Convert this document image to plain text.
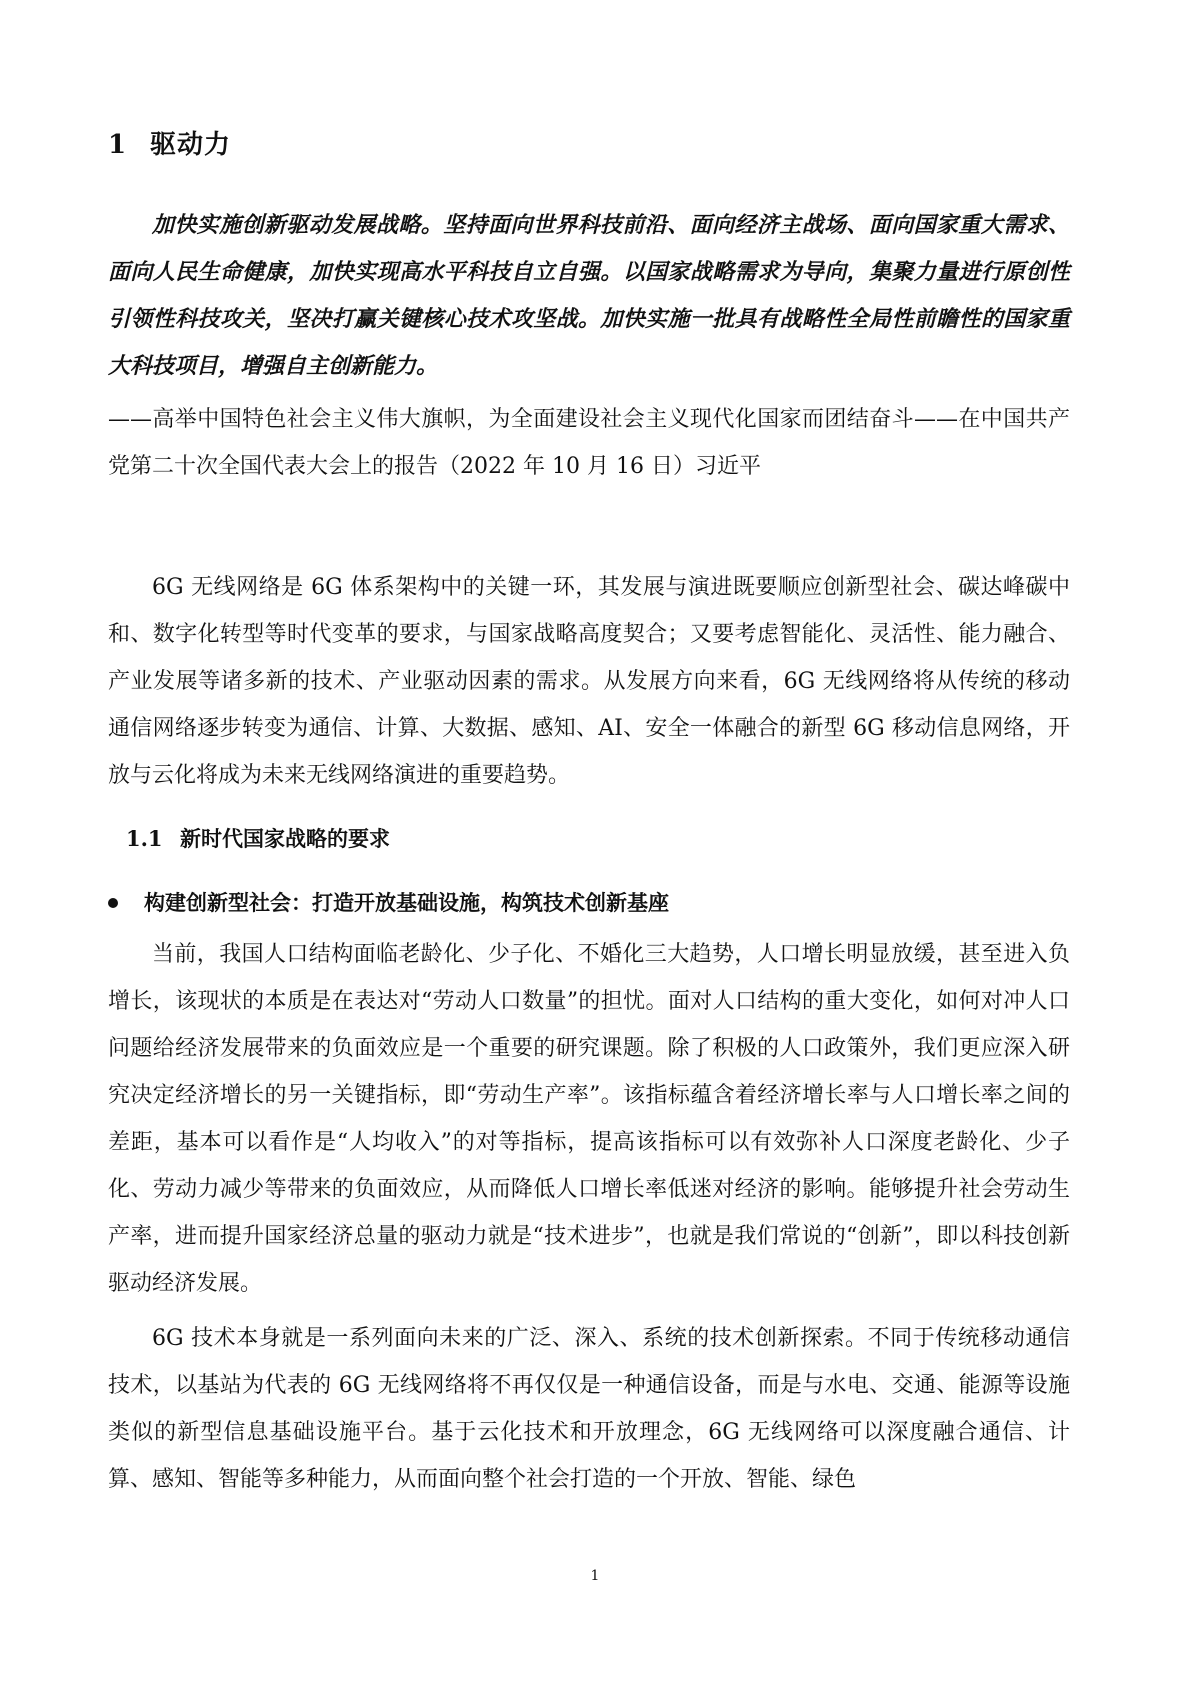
1 驱动力

加快实施创新驱动发展战略。坚持面向世界科技前沿、面向经济主战场、面向国家重大需求、面向人民生命健康，加快实现高水平科技自立自强。以国家战略需求为导向，集聚力量进行原创性引领性科技攻关，坚决打赢关键核心技术攻坚战。加快实施一批具有战略性全局性前瞻性的国家重大科技项目，增强自主创新能力。

——高举中国特色社会主义伟大旗帜，为全面建设社会主义现代化国家而团结奋斗——在中国共产党第二十次全国代表大会上的报告（2022 年 10 月 16 日）习近平

6G 无线网络是 6G 体系架构中的关键一环，其发展与演进既要顺应创新型社会、碳达峰碳中和、数字化转型等时代变革的要求，与国家战略高度契合；又要考虑智能化、灵活性、能力融合、产业发展等诸多新的技术、产业驱动因素的需求。从发展方向来看，6G 无线网络将从传统的移动通信网络逐步转变为通信、计算、大数据、感知、AI、安全一体融合的新型 6G 移动信息网络，开放与云化将成为未来无线网络演进的重要趋势。

1.1 新时代国家战略的要求
构建创新型社会：打造开放基础设施，构筑技术创新基座

当前，我国人口结构面临老龄化、少子化、不婚化三大趋势，人口增长明显放缓，甚至进入负增长，该现状的本质是在表达对“劳动人口数量”的担忧。面对人口结构的重大变化，如何对冲人口问题给经济发展带来的负面效应是一个重要的研究课题。除了积极的人口政策外，我们更应深入研究决定经济增长的另一关键指标，即“劳动生产率”。该指标蕴含着经济增长率与人口增长率之间的差距，基本可以看作是“人均收入”的对等指标，提高该指标可以有效弥补人口深度老龄化、少子化、劳动力减少等带来的负面效应，从而降低人口增长率低迷对经济的影响。能够提升社会劳动生产率，进而提升国家经济总量的驱动力就是“技术进步”，也就是我们常说的“创新”，即以科技创新驱动经济发展。

6G 技术本身就是一系列面向未来的广泛、深入、系统的技术创新探索。不同于传统移动通信技术，以基站为代表的 6G 无线网络将不再仅仅是一种通信设备，而是与水电、交通、能源等设施类似的新型信息基础设施平台。基于云化技术和开放理念，6G 无线网络可以深度融合通信、计算、感知、智能等多种能力，从而面向整个社会打造的一个开放、智能、绿色

1
